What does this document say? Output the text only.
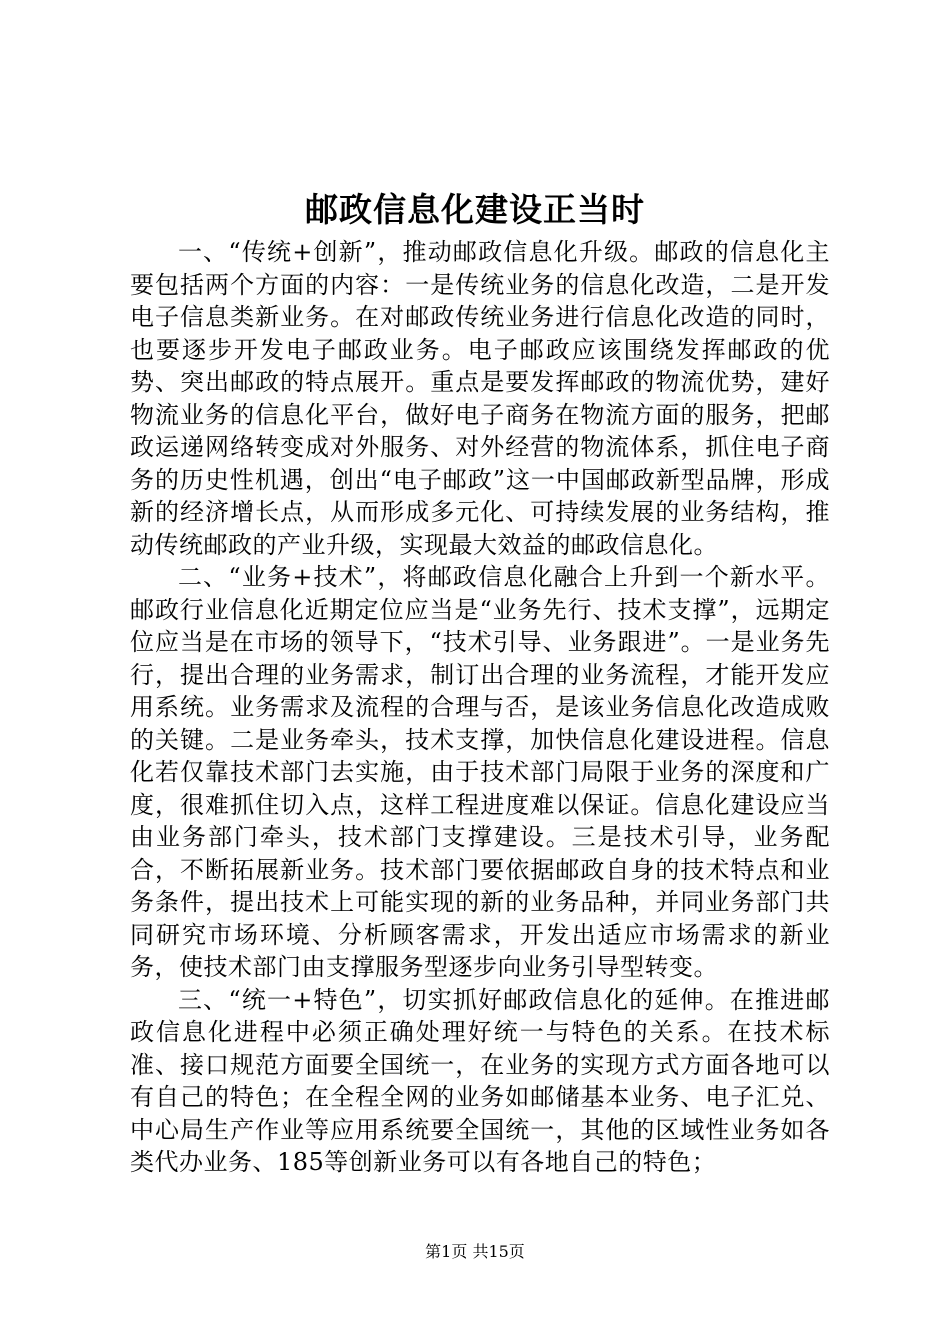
邮政信息化建设正当时

一、“传统+创新”，推动邮政信息化升级。邮政的信息化主要包括两个方面的内容：一是传统业务的信息化改造，二是开发电子信息类新业务。在对邮政传统业务进行信息化改造的同时，也要逐步开发电子邮政业务。电子邮政应该围绕发挥邮政的优势、突出邮政的特点展开。重点是要发挥邮政的物流优势，建好物流业务的信息化平台，做好电子商务在物流方面的服务，把邮政运递网络转变成对外服务、对外经营的物流体系，抓住电子商务的历史性机遇，创出“电子邮政”这一中国邮政新型品牌，形成新的经济增长点，从而形成多元化、可持续发展的业务结构，推动传统邮政的产业升级，实现最大效益的邮政信息化。

二、“业务+技术”，将邮政信息化融合上升到一个新水平。邮政行业信息化近期定位应当是“业务先行、技术支撑”，远期定位应当是在市场的领导下，“技术引导、业务跟进”。一是业务先行，提出合理的业务需求，制订出合理的业务流程，才能开发应用系统。业务需求及流程的合理与否，是该业务信息化改造成败的关键。二是业务牵头，技术支撑，加快信息化建设进程。信息化若仅靠技术部门去实施，由于技术部门局限于业务的深度和广度，很难抓住切入点，这样工程进度难以保证。信息化建设应当由业务部门牵头，技术部门支撑建设。三是技术引导，业务配合，不断拓展新业务。技术部门要依据邮政自身的技术特点和业务条件，提出技术上可能实现的新的业务品种，并同业务部门共同研究市场环境、分析顾客需求，开发出适应市场需求的新业务，使技术部门由支撑服务型逐步向业务引导型转变。

三、“统一+特色”，切实抓好邮政信息化的延伸。在推进邮政信息化进程中必须正确处理好统一与特色的关系。在技术标准、接口规范方面要全国统一，在业务的实现方式方面各地可以有自己的特色；在全程全网的业务如邮储基本业务、电子汇兑、中心局生产作业等应用系统要全国统一，其他的区域性业务如各类代办业务、185等创新业务可以有各地自己的特色；

第1页 共15页
